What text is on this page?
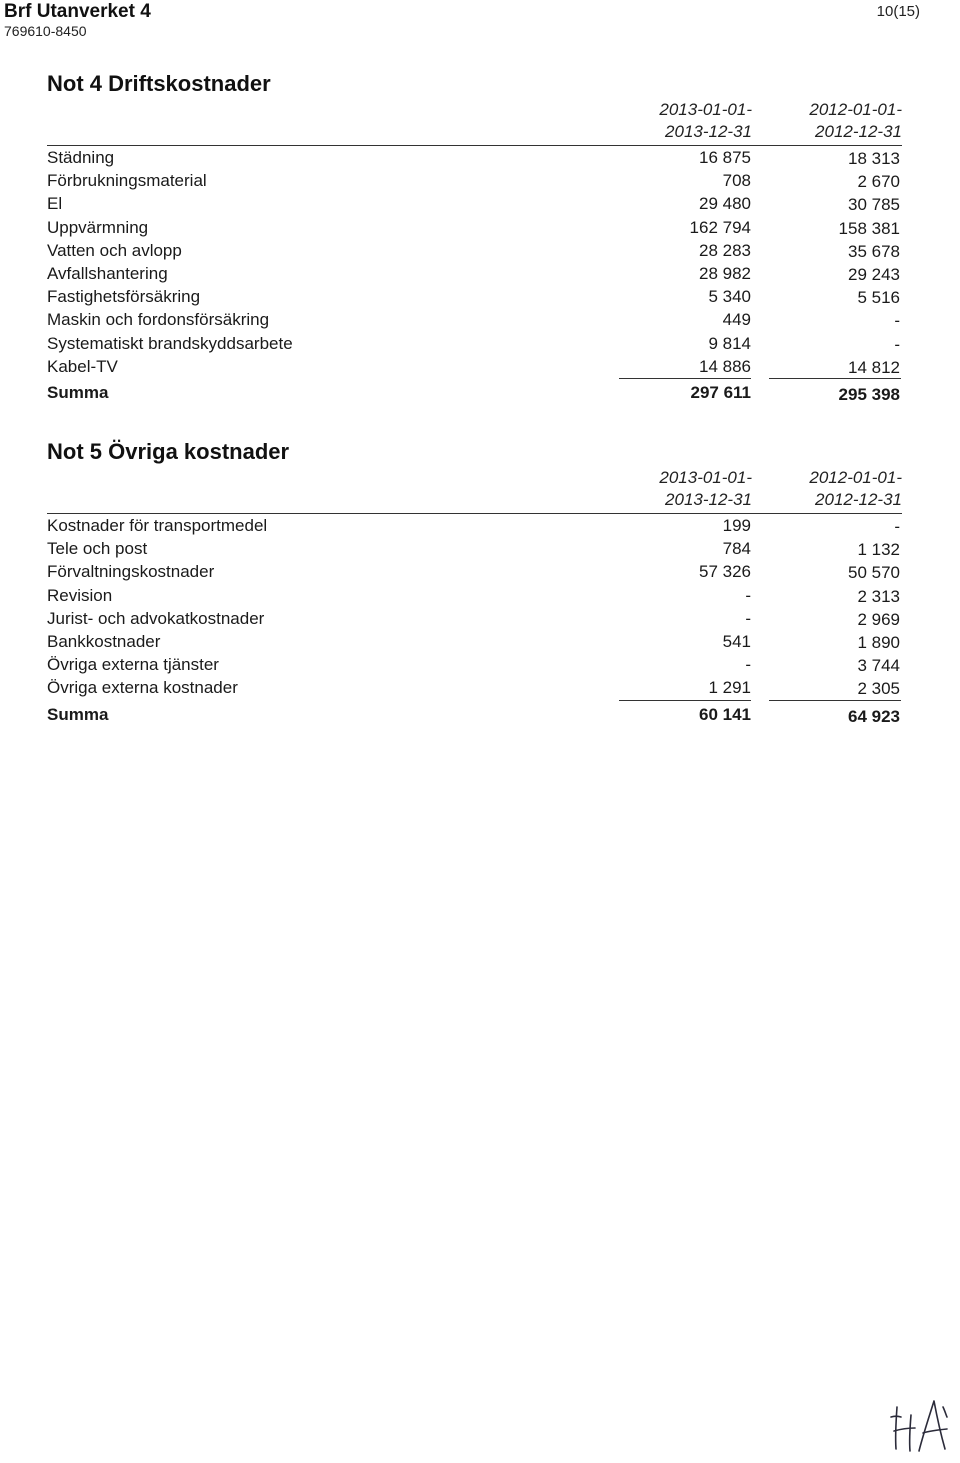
Brf Utanverket 4
769610-8450
10(15)
Not 4 Driftskostnader
2013-01-01-
2013-12-31
2012-01-01-
2012-12-31
Städning	16 875	18 313
Förbrukningsmaterial	708	2 670
El	29 480	30 785
Uppvärmning	162 794	158 381
Vatten och avlopp	28 283	35 678
Avfallshantering	28 982	29 243
Fastighetsförsäkring	5 340	5 516
Maskin och fordonsförsäkring	449	-
Systematiskt brandskyddsarbete	9 814	-
Kabel-TV	14 886	14 812
Summa	297 611	295 398
Not 5 Övriga kostnader
2013-01-01-
2013-12-31
2012-01-01-
2012-12-31
Kostnader för transportmedel	199	-
Tele och post	784	1 132
Förvaltningskostnader	57 326	50 570
Revision	-	2 313
Jurist- och advokatkostnader	-	2 969
Bankkostnader	541	1 890
Övriga externa tjänster	-	3 744
Övriga externa kostnader	1 291	2 305
Summa	60 141	64 923
